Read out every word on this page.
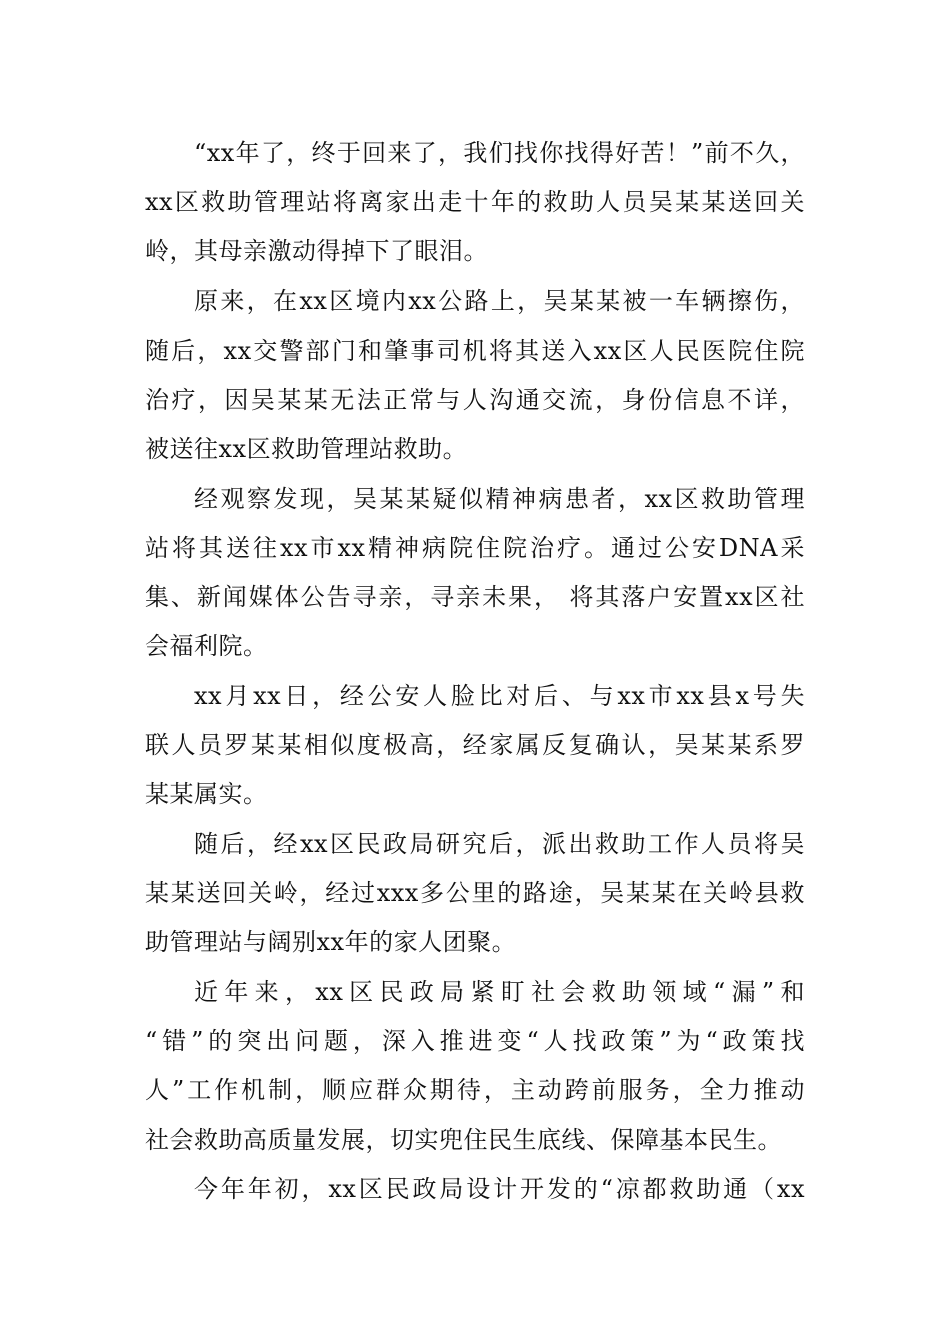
“xx年了，终于回来了，我们找你找得好苦！”前不久，
xx区救助管理站将离家出走十年的救助人员吴某某送回关
岭，其母亲激动得掉下了眼泪。
原来，在xx区境内xx公路上，吴某某被一车辆擦伤，
随后，xx交警部门和肇事司机将其送入xx区人民医院住院
治疗，因吴某某无法正常与人沟通交流，身份信息不详，
被送往xx区救助管理站救助。
经观察发现，吴某某疑似精神病患者，xx区救助管理
站将其送往xx市xx精神病院住院治疗。通过公安DNA采
集、新闻媒体公告寻亲，寻亲未果， 将其落户安置xx区社
会福利院。
xx月xx日，经公安人脸比对后、与xx市xx县x号失
联人员罗某某相似度极高，经家属反复确认，吴某某系罗
某某属实。
随后，经xx区民政局研究后，派出救助工作人员将吴
某某送回关岭，经过xxx多公里的路途，吴某某在关岭县救
助管理站与阔别xx年的家人团聚。
近年来，xx区民政局紧盯社会救助领域“漏”和
“错”的突出问题，深入推进变“人找政策”为“政策找
人”工作机制，顺应群众期待，主动跨前服务，全力推动
社会救助高质量发展，切实兜住民生底线、保障基本民生。
今年年初，xx区民政局设计开发的“凉都救助通（xx
